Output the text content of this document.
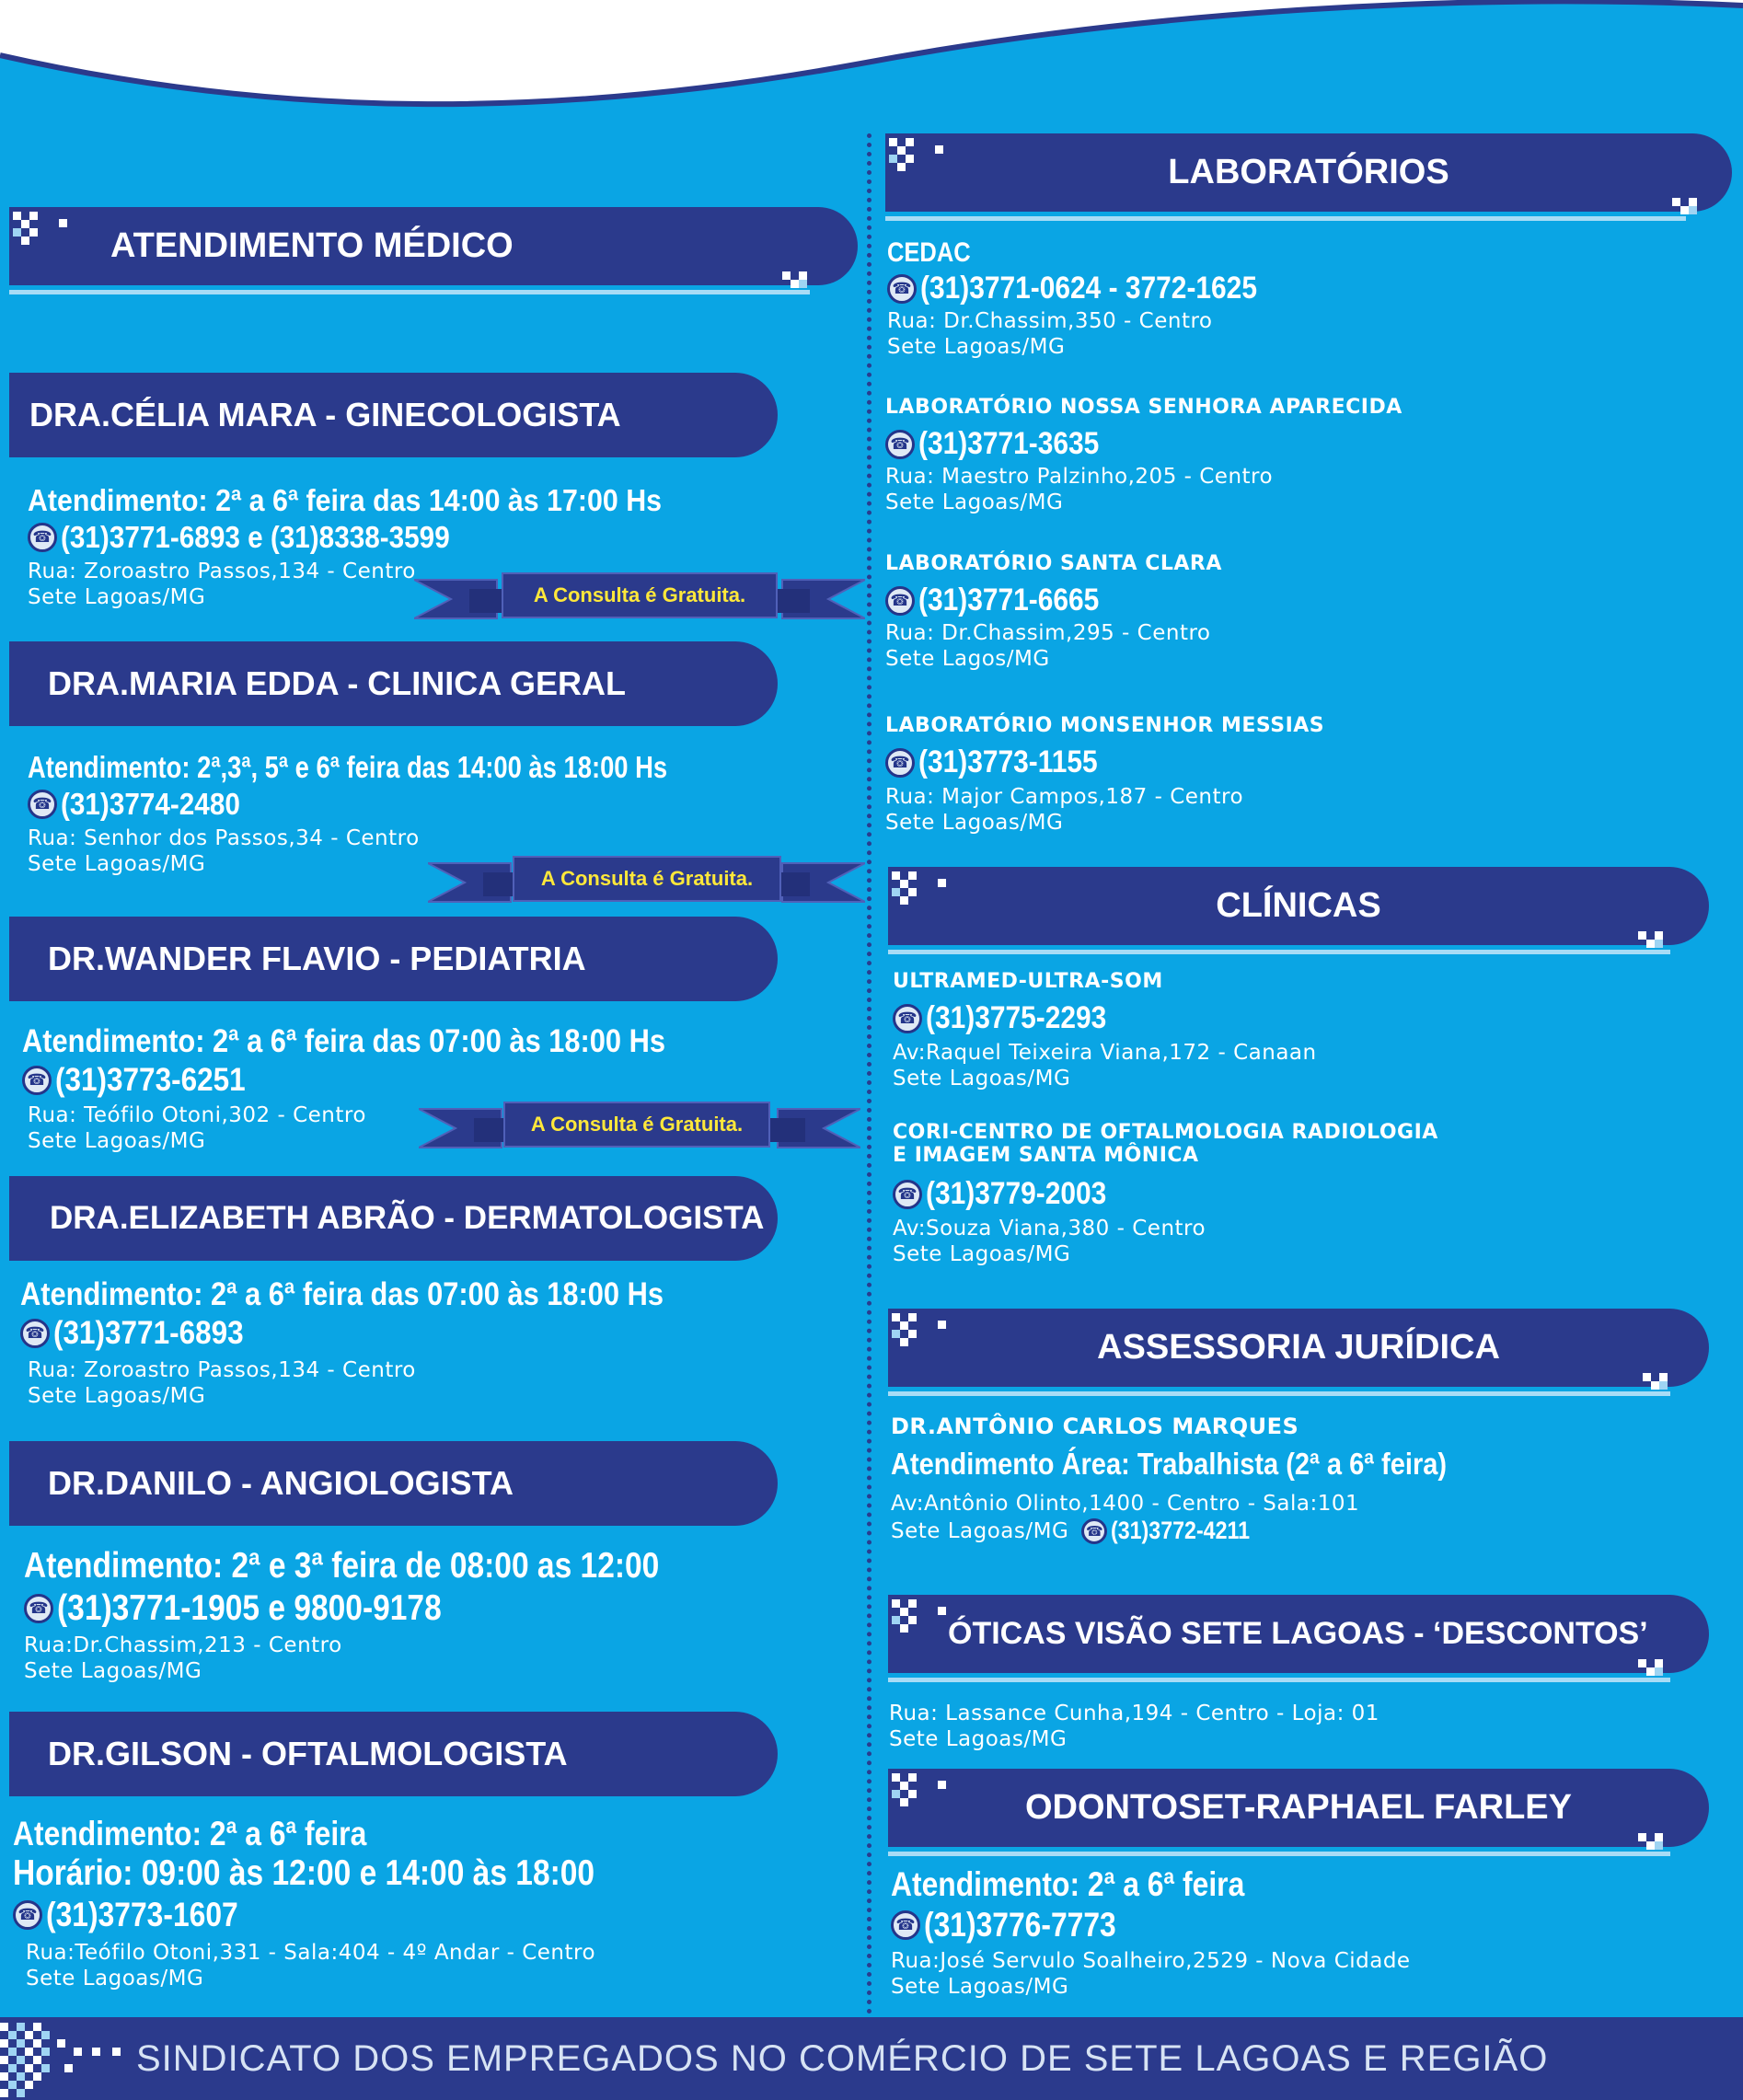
ATENDIMENTO MÉDICO
DRA.CÉLIA MARA - GINECOLOGISTA
Atendimento: 2ª a 6ª feira das 14:00 às 17:00 Hs
☎ (31)3771-6893 e (31)8338-3599
Rua: Zoroastro Passos,134 - Centro
Sete Lagoas/MG	A Consulta é Gratuita.
DRA.MARIA EDDA - CLINICA GERAL
Atendimento: 2ª,3ª, 5ª e 6ª feira das 14:00 às 18:00 Hs
☎ (31)3774-2480
Rua: Senhor dos Passos,34 - Centro
Sete Lagoas/MG
A Consulta é Gratuita.
DR.WANDER FLAVIO - PEDIATRIA
Atendimento: 2ª a 6ª feira das 07:00 às 18:00 Hs
☎ (31)3773-6251
Rua: Teófilo Otoni,302 - Centro
Sete Lagoas/MG
A Consulta é Gratuita.
DRA.ELIZABETH ABRÃO - DERMATOLOGISTA
Atendimento: 2ª a 6ª feira das 07:00 às 18:00 Hs
☎ (31)3771-6893
Rua: Zoroastro Passos,134 - Centro
Sete Lagoas/MG
DR.DANILO - ANGIOLOGISTA
Atendimento: 2ª e 3ª feira de 08:00 as 12:00
☎ (31)3771-1905 e 9800-9178
Rua:Dr.Chassim,213 - Centro
Sete Lagoas/MG
DR.GILSON - OFTALMOLOGISTA
Atendimento: 2ª a 6ª feira
Horário: 09:00 às 12:00 e 14:00 às 18:00
☎ (31)3773-1607
Rua:Teófilo Otoni,331 - Sala:404 - 4º Andar - Centro
Sete Lagoas/MG
LABORATÓRIOS
CEDAC
☎ (31)3771-0624 - 3772-1625
Rua: Dr.Chassim,350 - Centro
Sete Lagoas/MG
LABORATÓRIO NOSSA SENHORA APARECIDA
☎ (31)3771-3635
Rua: Maestro Palzinho,205 - Centro
Sete Lagoas/MG
LABORATÓRIO SANTA CLARA
☎ (31)3771-6665
Rua: Dr.Chassim,295 - Centro
Sete Lagos/MG
LABORATÓRIO MONSENHOR MESSIAS
☎ (31)3773-1155
Rua: Major Campos,187 - Centro
Sete Lagoas/MG
CLÍNICAS
ULTRAMED-ULTRA-SOM
☎ (31)3775-2293
Av:Raquel Teixeira Viana,172 - Canaan
Sete Lagoas/MG
CORI-CENTRO DE OFTALMOLOGIA RADIOLOGIA
E IMAGEM SANTA MÔNICA
☎ (31)3779-2003
Av:Souza Viana,380 - Centro
Sete Lagoas/MG
ASSESSORIA JURÍDICA
DR.ANTÔNIO CARLOS MARQUES
Atendimento Área: Trabalhista (2ª a 6ª feira)
Av:Antônio Olinto,1400 - Centro - Sala:101
Sete Lagoas/MG	☎ (31)3772-4211
ÓTICAS VISÃO SETE LAGOAS - ‘DESCONTOS’
Rua: Lassance Cunha,194 - Centro - Loja: 01
Sete Lagoas/MG
ODONTOSET-RAPHAEL FARLEY
Atendimento: 2ª a 6ª feira
☎ (31)3776-7773
Rua:José Servulo Soalheiro,2529 - Nova Cidade
Sete Lagoas/MG
SINDICATO DOS EMPREGADOS NO COMÉRCIO DE SETE LAGOAS E REGIÃO
